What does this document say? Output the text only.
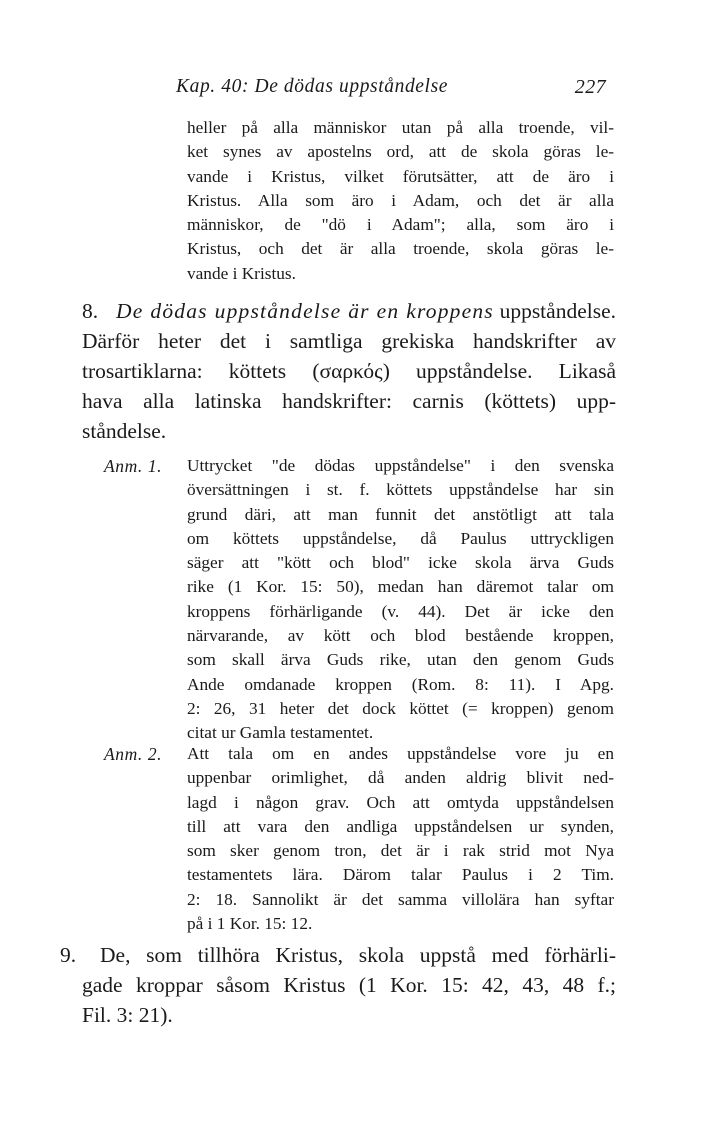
Kap. 40: De dödas uppståndelse	227
heller på alla människor utan på alla troende, vil-
ket synes av apostelns ord, att de skola göras le-
vande i Kristus, vilket förutsätter, att de äro i
Kristus. Alla som äro i Adam, och det är alla
människor, de "dö i Adam"; alla, som äro i
Kristus, och det är alla troende, skola göras le-
vande i Kristus.
8. De dödas uppståndelse är en kroppens uppståndelse.
Därför heter det i samtliga grekiska handskrifter av
trosartiklarna: köttets (σαρκός) uppståndelse. Likaså
hava alla latinska handskrifter: carnis (köttets) upp-
ståndelse.
Anm. 1. Uttrycket "de dödas uppståndelse" i den svenska
översättningen i st. f. köttets uppståndelse har sin
grund däri, att man funnit det anstötligt att tala
om köttets uppståndelse, då Paulus uttryckligen
säger att "kött och blod" icke skola ärva Guds
rike (1 Kor. 15: 50), medan han däremot talar om
kroppens förhärligande (v. 44). Det är icke den
närvarande, av kött och blod bestående kroppen,
som skall ärva Guds rike, utan den genom Guds
Ande omdanade kroppen (Rom. 8: 11). I Apg.
2: 26, 31 heter det dock köttet (= kroppen) genom
citat ur Gamla testamentet.
Anm. 2. Att tala om en andes uppståndelse vore ju en
uppenbar orimlighet, då anden aldrig blivit ned-
lagd i någon grav. Och att omtyda uppståndelsen
till att vara den andliga uppståndelsen ur synden,
som sker genom tron, det är i rak strid mot Nya
testamentets lära. Därom talar Paulus i 2 Tim.
2: 18. Sannolikt är det samma villolära han syftar
på i 1 Kor. 15: 12.
9. De, som tillhöra Kristus, skola uppstå med förhärli-
gade kroppar såsom Kristus (1 Kor. 15: 42, 43, 48 f.;
Fil. 3: 21).
